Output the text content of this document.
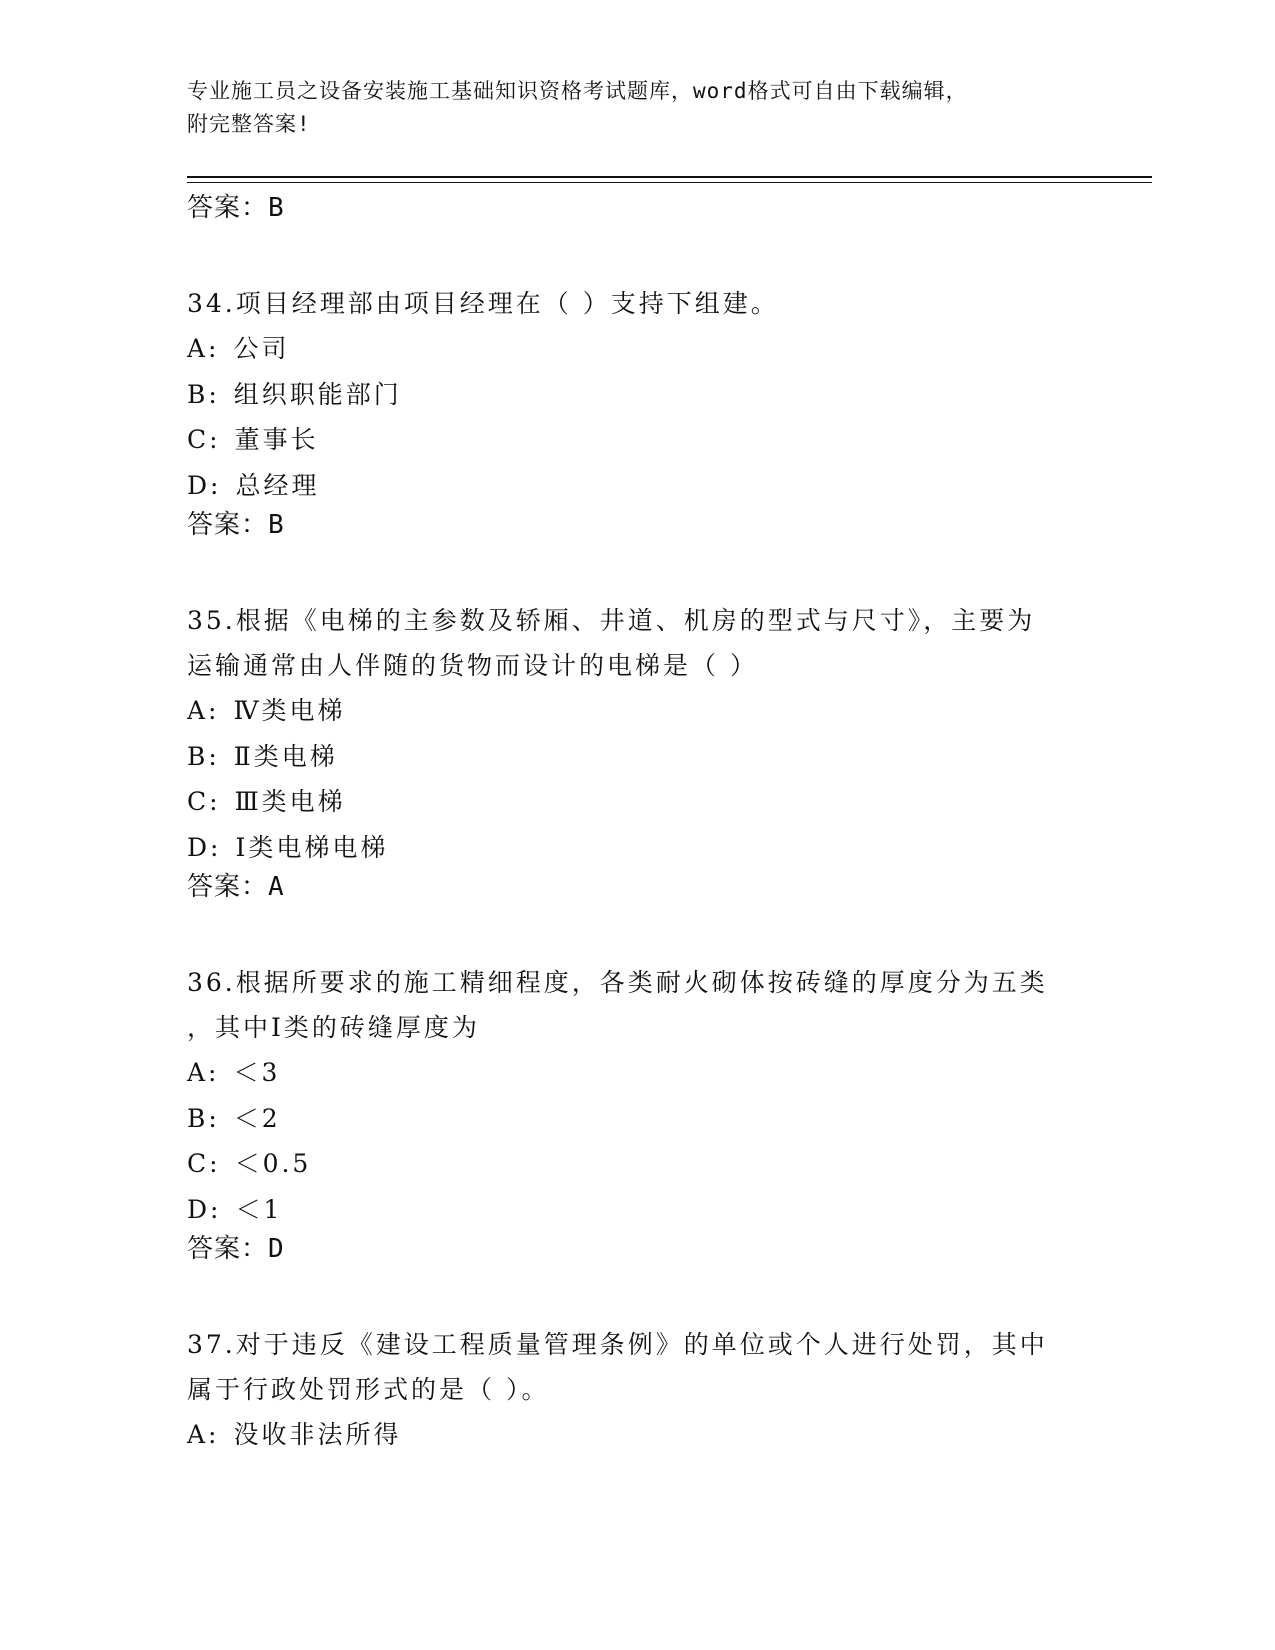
专业施工员之设备安装施工基础知识资格考试题库，word格式可自由下载编辑，
附完整答案!
答案：B
34.项目经理部由项目经理在（ ）支持下组建。
A: 公司
B: 组织职能部门
C: 董事长
D: 总经理
答案：B
35.根据《电梯的主参数及轿厢、井道、机房的型式与尺寸》，主要为
运输通常由人伴随的货物而设计的电梯是（ ）
A: Ⅳ类电梯
B: Ⅱ类电梯
C: Ⅲ类电梯
D: Ⅰ类电梯电梯
答案：A
36.根据所要求的施工精细程度，各类耐火砌体按砖缝的厚度分为五类
，其中Ⅰ类的砖缝厚度为
A: ＜3
B: ＜2
C: ＜0.5
D: ＜1
答案：D
37.对于违反《建设工程质量管理条例》的单位或个人进行处罚，其中
属于行政处罚形式的是（ ）。
A: 没收非法所得
